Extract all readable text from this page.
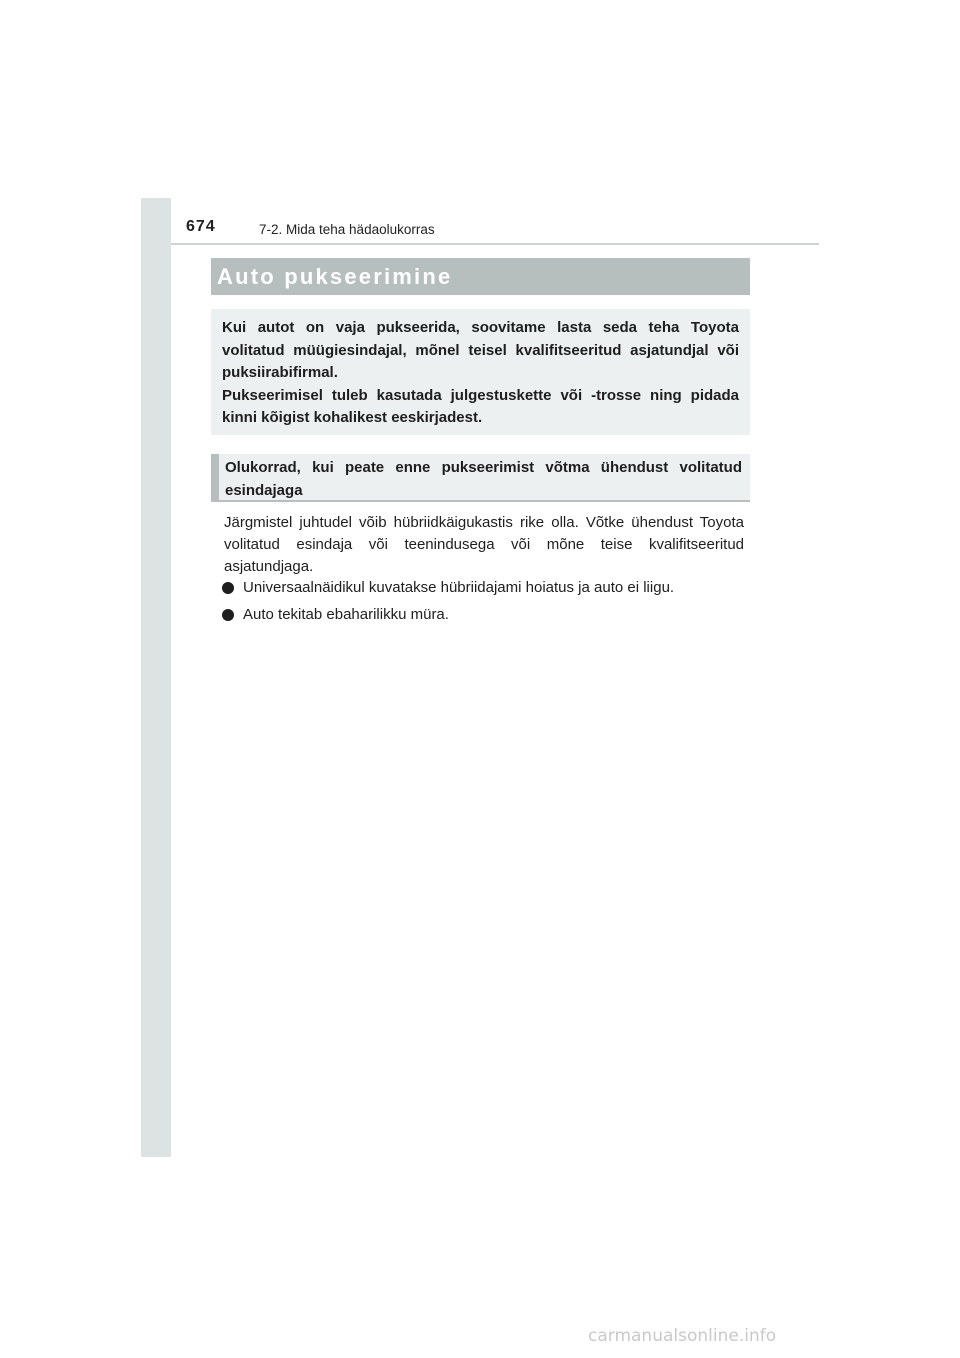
674	7-2. Mida teha hädaolukorras
Auto pukseerimine

Kui autot on vaja pukseerida, soovitame lasta seda teha Toyota volitatud müügiesindajal, mõnel teisel kvalifitseeritud asjatundjal või puksiirabifirmal.

Pukseerimisel tuleb kasutada julgestuskette või -trosse ning pidada kinni kõigist kohalikest eeskirjadest.

Olukorrad, kui peate enne pukseerimist võtma ühendust volitatud esindajaga

Järgmistel juhtudel võib hübriidkäigukastis rike olla. Võtke ühendust Toyota volitatud esindaja või teenindusega või mõne teise kvalifitseeritud asjatundjaga.

Universaalnäidikul kuvatakse hübriidajami hoiatus ja auto ei liigu.
Auto tekitab ebaharilikku müra.
carmanualsonline.info
